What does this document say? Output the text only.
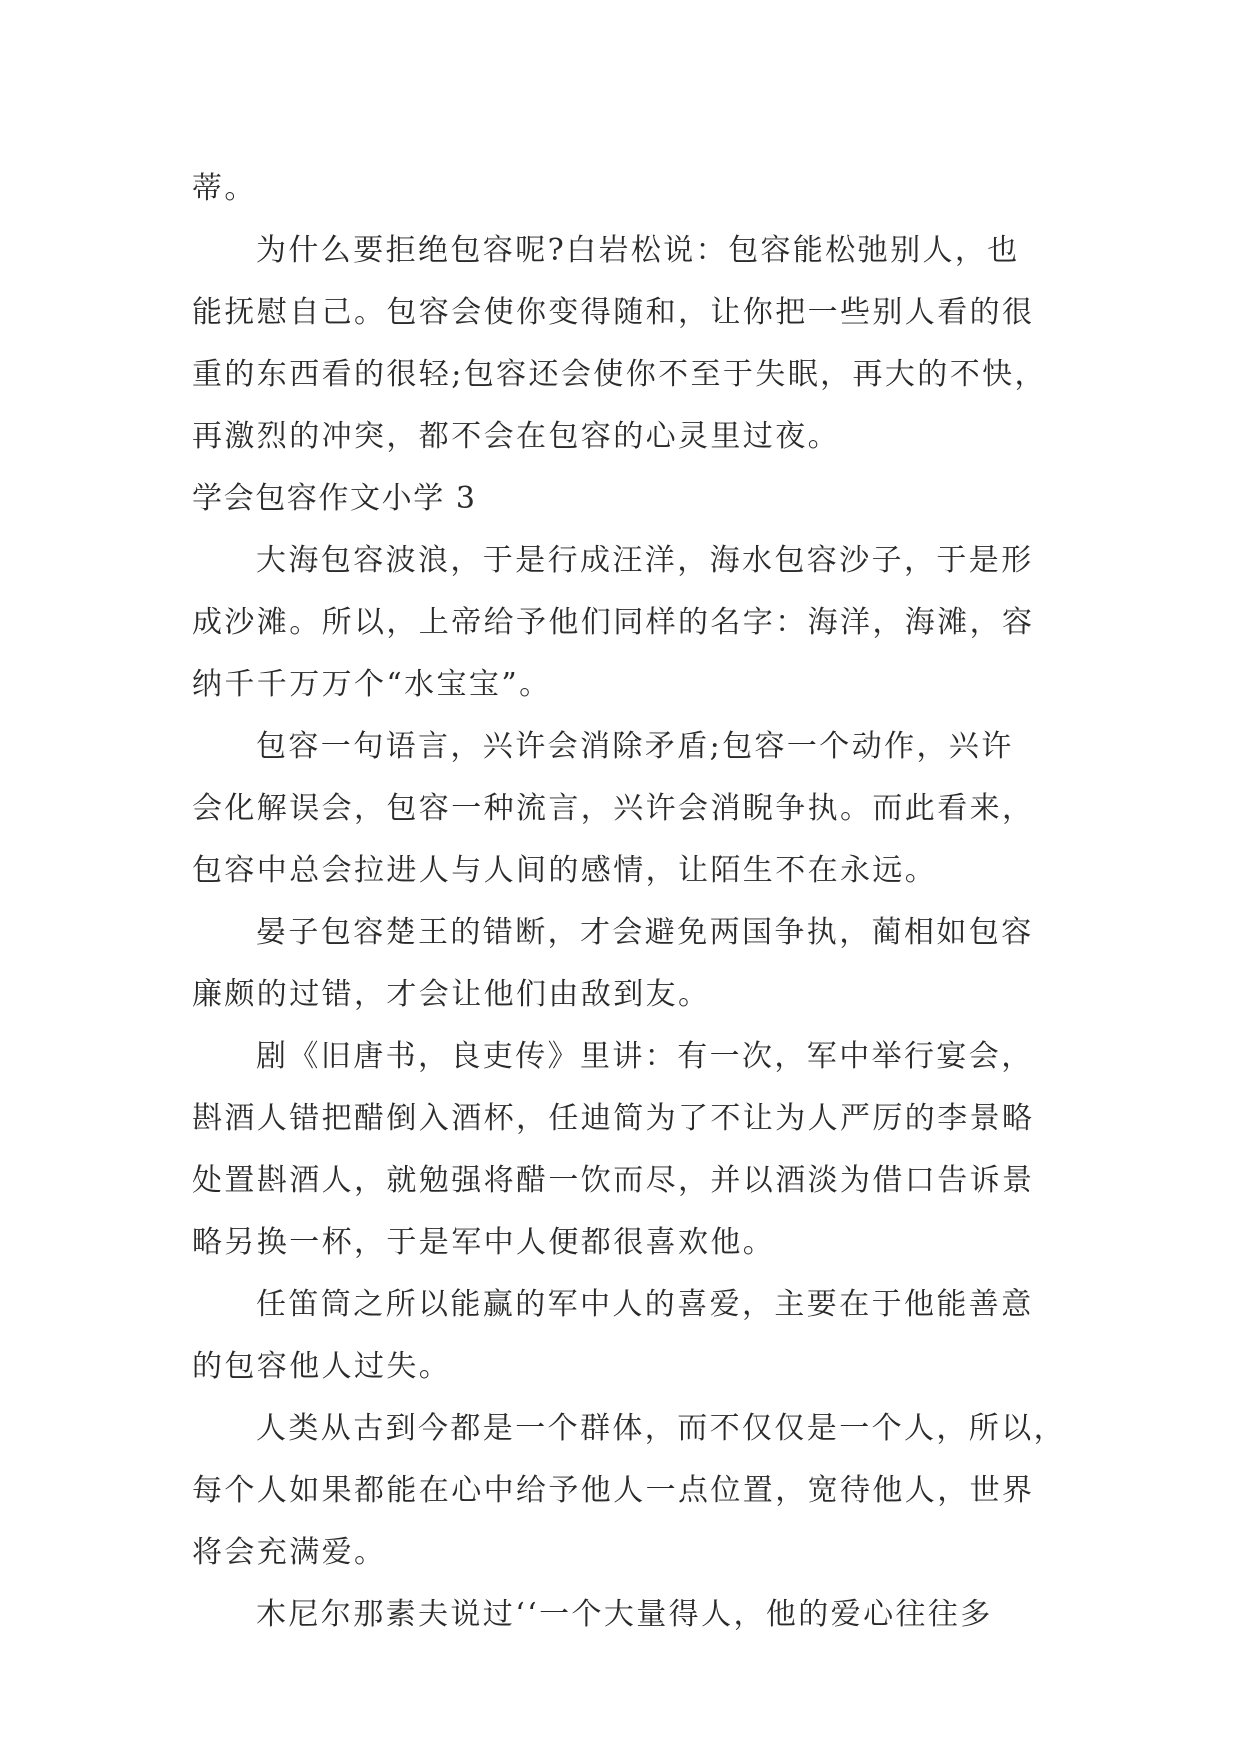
蒂。
为什么要拒绝包容呢?白岩松说：包容能松弛别人，也
能抚慰自己。包容会使你变得随和，让你把一些别人看的很
重的东西看的很轻;包容还会使你不至于失眠，再大的不快，
再激烈的冲突，都不会在包容的心灵里过夜。
学会包容作文小学 3
大海包容波浪，于是行成汪洋，海水包容沙子，于是形
成沙滩。所以，上帝给予他们同样的名字：海洋，海滩，容
纳千千万万个“水宝宝”。
包容一句语言，兴许会消除矛盾;包容一个动作，兴许
会化解误会，包容一种流言，兴许会消睨争执。而此看来，
包容中总会拉进人与人间的感情，让陌生不在永远。
晏子包容楚王的错断，才会避免两国争执，蔺相如包容
廉颇的过错，才会让他们由敌到友。
剧《旧唐书，良吏传》里讲：有一次，军中举行宴会，
斟酒人错把醋倒入酒杯，任迪简为了不让为人严厉的李景略
处置斟酒人，就勉强将醋一饮而尽，并以酒淡为借口告诉景
略另换一杯，于是军中人便都很喜欢他。
任笛筒之所以能赢的军中人的喜爱，主要在于他能善意
的包容他人过失。
人类从古到今都是一个群体，而不仅仅是一个人，所以，
每个人如果都能在心中给予他人一点位置，宽待他人，世界
将会充满爱。
木尼尔那素夫说过‘‘一个大量得人，他的爱心往往多
